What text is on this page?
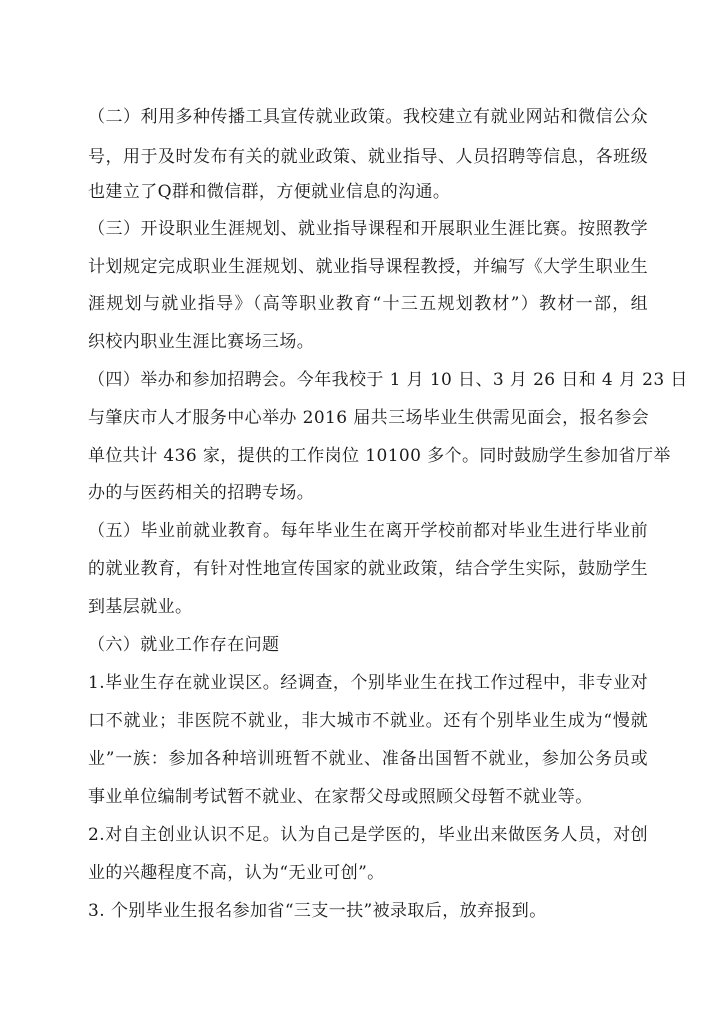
（二）利用多种传播工具宣传就业政策。我校建立有就业网站和微信公众
号，用于及时发布有关的就业政策、就业指导、人员招聘等信息，各班级
也建立了Q群和微信群，方便就业信息的沟通。
（三）开设职业生涯规划、就业指导课程和开展职业生涯比赛。按照教学
计划规定完成职业生涯规划、就业指导课程教授，并编写《大学生职业生
涯规划与就业指导》（高等职业教育“十三五规划教材”）教材一部，组
织校内职业生涯比赛场三场。
（四）举办和参加招聘会。今年我校于 1 月 10 日、3 月 26 日和 4 月 23 日
与肇庆市人才服务中心举办 2016 届共三场毕业生供需见面会，报名参会
单位共计 436 家，提供的工作岗位 10100 多个。同时鼓励学生参加省厅举
办的与医药相关的招聘专场。
（五）毕业前就业教育。每年毕业生在离开学校前都对毕业生进行毕业前
的就业教育，有针对性地宣传国家的就业政策，结合学生实际，鼓励学生
到基层就业。
（六）就业工作存在问题
1.毕业生存在就业误区。经调查，个别毕业生在找工作过程中，非专业对
口不就业；非医院不就业，非大城市不就业。还有个别毕业生成为“慢就
业”一族：参加各种培训班暂不就业、准备出国暂不就业，参加公务员或
事业单位编制考试暂不就业、在家帮父母或照顾父母暂不就业等。
2.对自主创业认识不足。认为自己是学医的，毕业出来做医务人员，对创
业的兴趣程度不高，认为“无业可创”。
3. 个别毕业生报名参加省“三支一扶”被录取后，放弃报到。
